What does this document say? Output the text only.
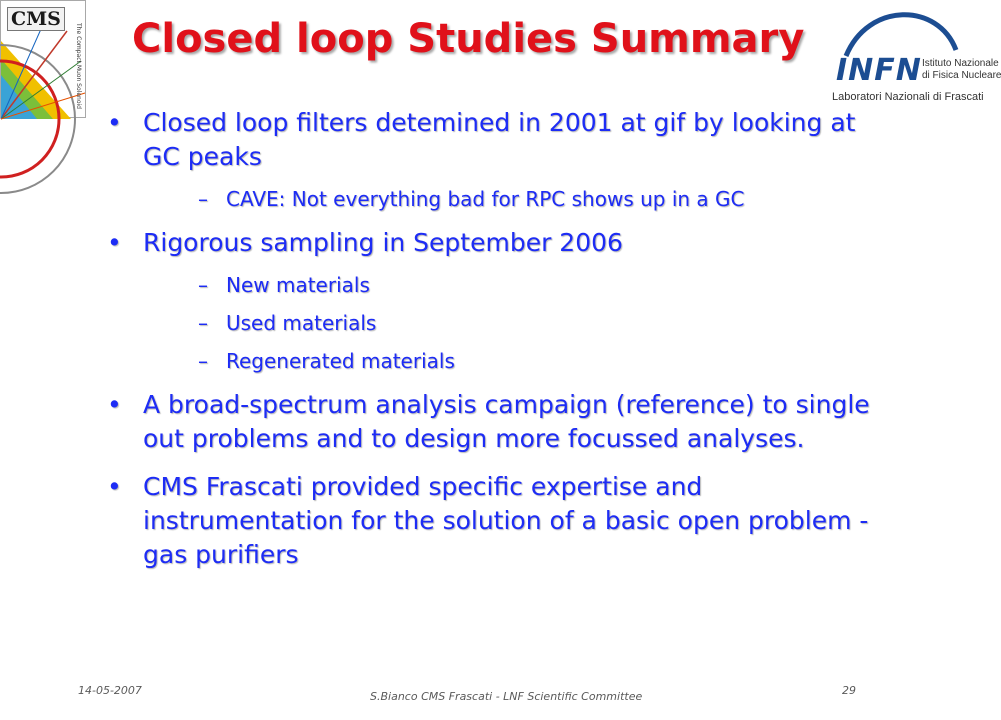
CMS
The Compact Muon Solenoid Closed loop Studies Summary
INFN Istituto Nazionale
di Fisica Nucleare
Laboratori Nazionali di Frascati
• Closed loop filters detemined in 2001 at gif by looking at GC peaks
– CAVE: Not everything bad for RPC shows up in a GC
• Rigorous sampling in September 2006
– New materials
– Used materials
– Regenerated materials
• A broad-spectrum analysis campaign (reference) to single out problems and to design more focussed analyses.
• CMS Frascati provided specific expertise and instrumentation for the solution of a basic open problem - gas purifiers
14-05-2007	S.Bianco CMS Frascati - LNF Scientific Committee	29
